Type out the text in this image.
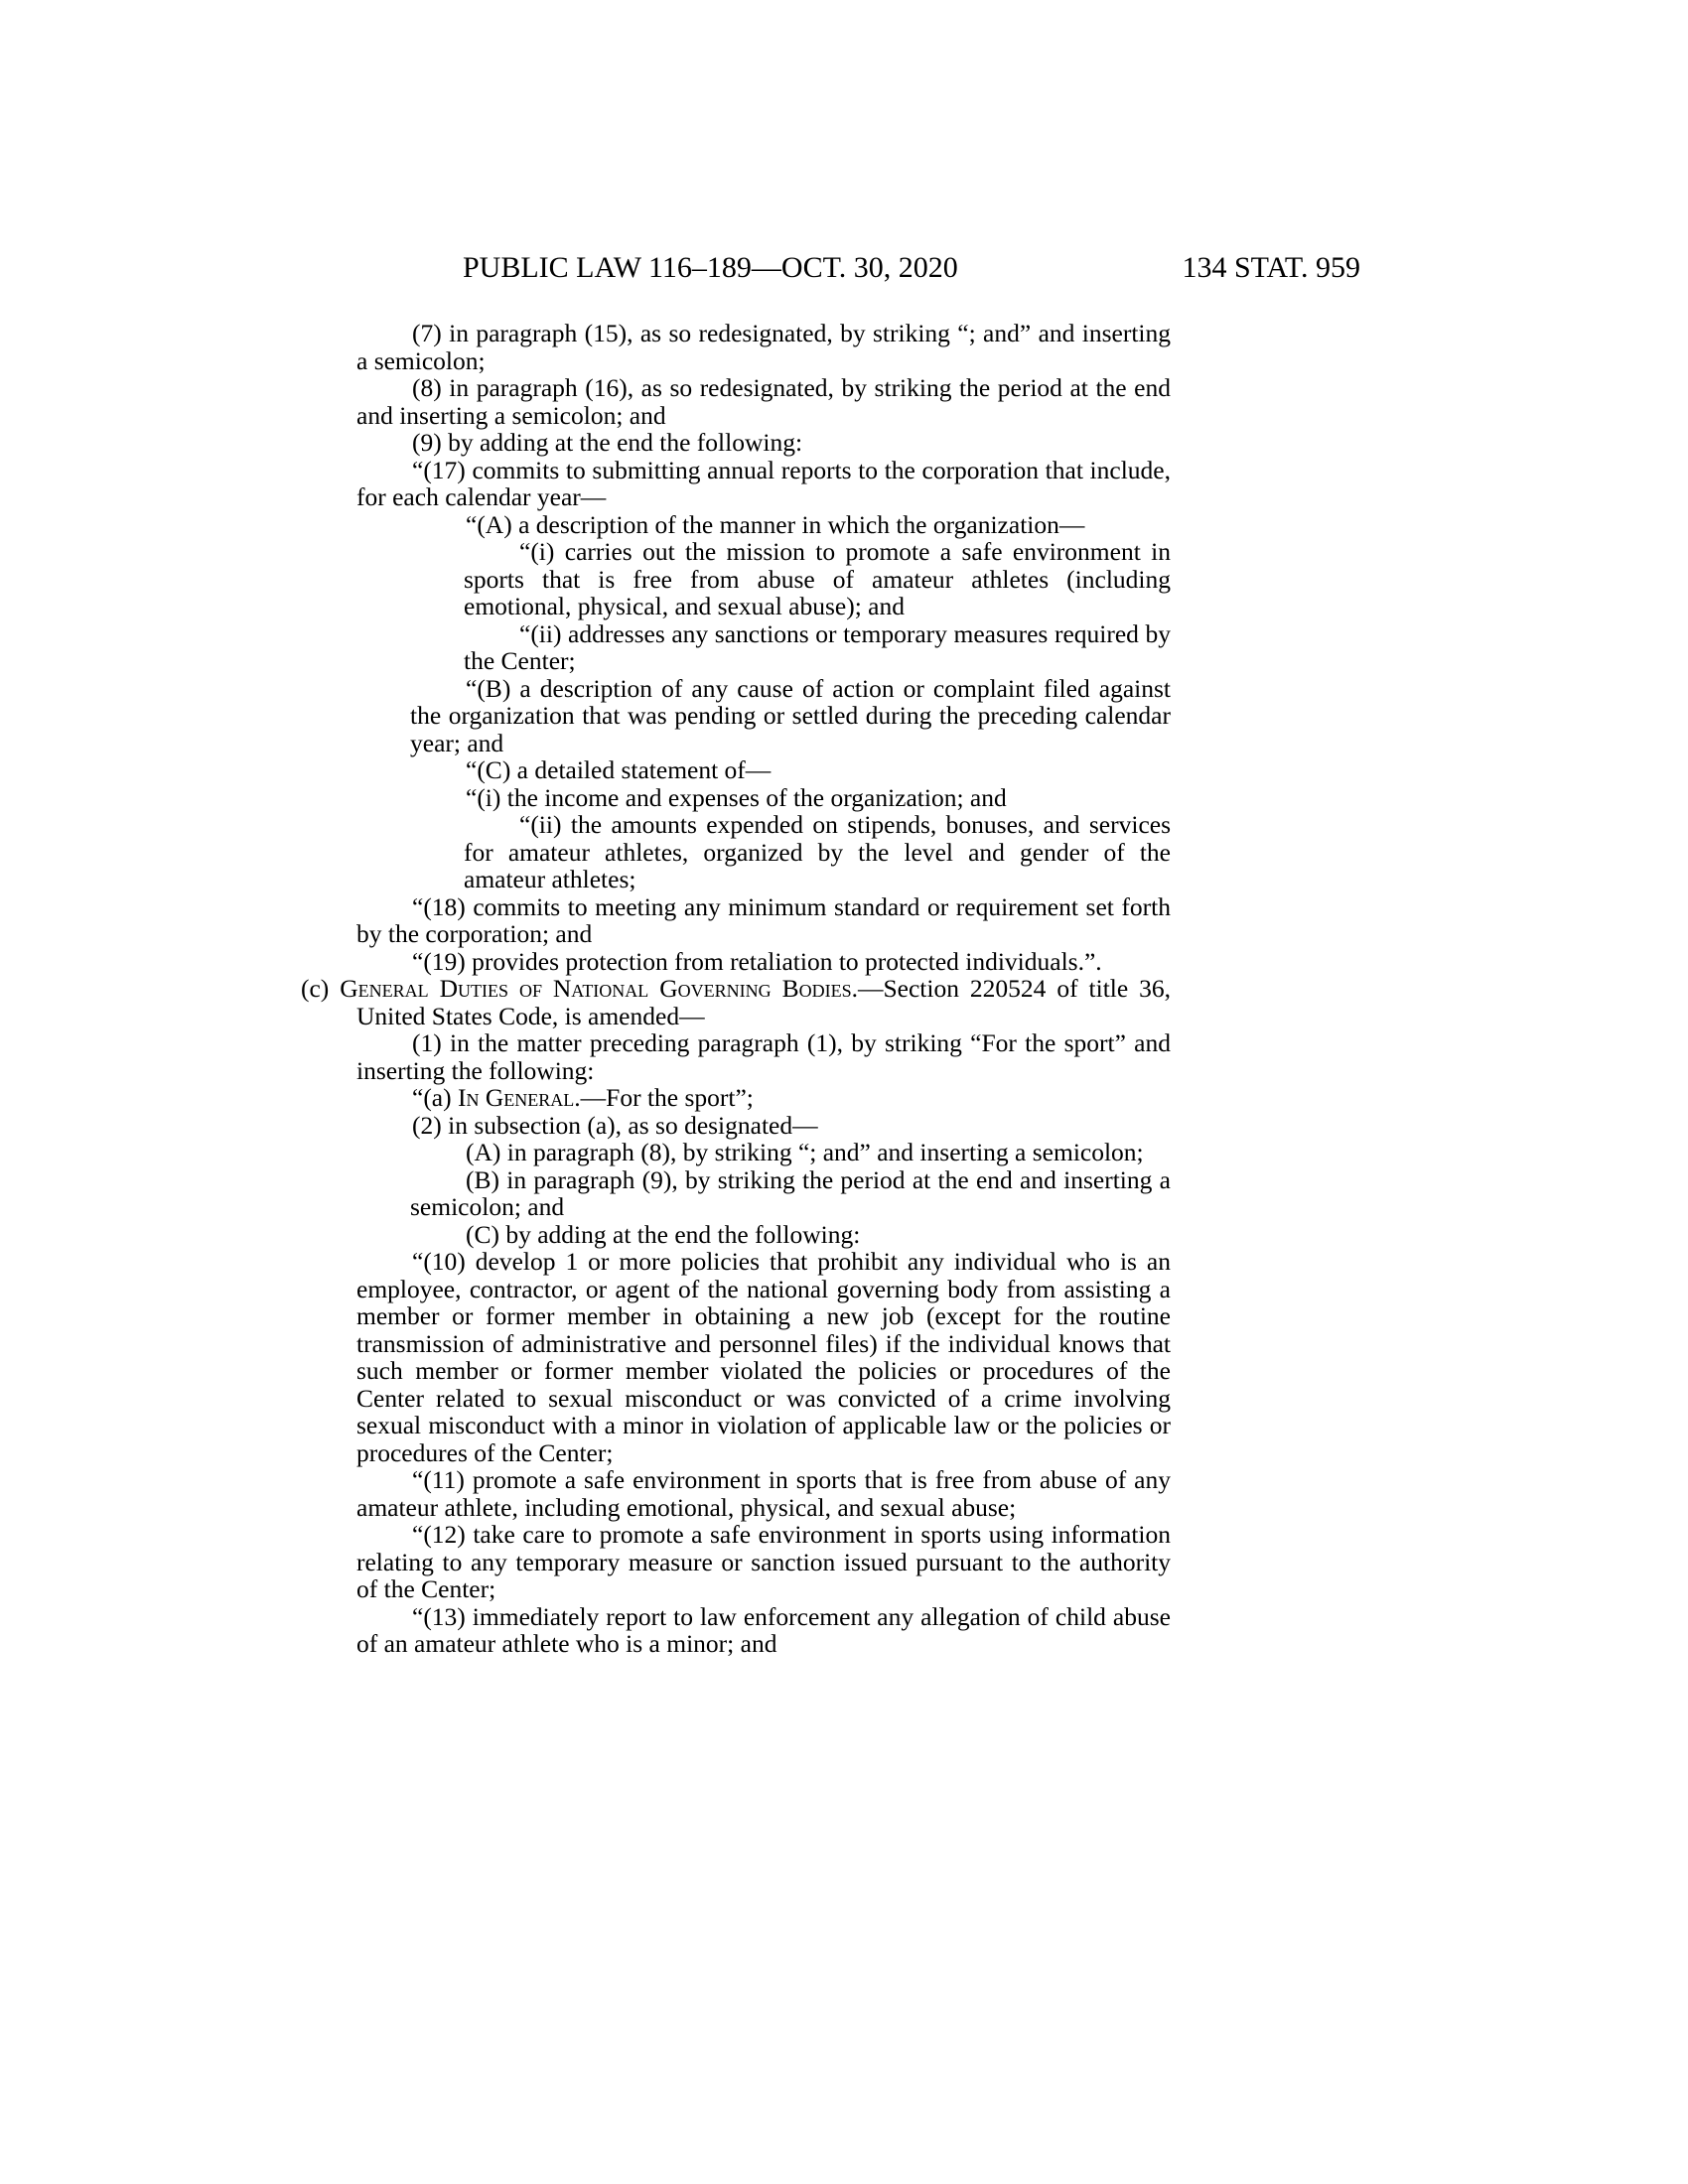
PUBLIC LAW 116–189—OCT. 30, 2020	134 STAT. 959
(7) in paragraph (15), as so redesignated, by striking “; and” and inserting a semicolon;
(8) in paragraph (16), as so redesignated, by striking the period at the end and inserting a semicolon; and
(9) by adding at the end the following:
“(17) commits to submitting annual reports to the corporation that include, for each calendar year—
“(A) a description of the manner in which the organization—
“(i) carries out the mission to promote a safe environment in sports that is free from abuse of amateur athletes (including emotional, physical, and sexual abuse); and
“(ii) addresses any sanctions or temporary measures required by the Center;
“(B) a description of any cause of action or complaint filed against the organization that was pending or settled during the preceding calendar year; and
“(C) a detailed statement of—
“(i) the income and expenses of the organization; and
“(ii) the amounts expended on stipends, bonuses, and services for amateur athletes, organized by the level and gender of the amateur athletes;
“(18) commits to meeting any minimum standard or requirement set forth by the corporation; and
“(19) provides protection from retaliation to protected individuals.”.
(c) General Duties of National Governing Bodies.—Section 220524 of title 36, United States Code, is amended—
(1) in the matter preceding paragraph (1), by striking “For the sport” and inserting the following:
“(a) In General.—For the sport”;
(2) in subsection (a), as so designated—
(A) in paragraph (8), by striking “; and” and inserting a semicolon;
(B) in paragraph (9), by striking the period at the end and inserting a semicolon; and
(C) by adding at the end the following:
“(10) develop 1 or more policies that prohibit any individual who is an employee, contractor, or agent of the national governing body from assisting a member or former member in obtaining a new job (except for the routine transmission of administrative and personnel files) if the individual knows that such member or former member violated the policies or procedures of the Center related to sexual misconduct or was convicted of a crime involving sexual misconduct with a minor in violation of applicable law or the policies or procedures of the Center;
“(11) promote a safe environment in sports that is free from abuse of any amateur athlete, including emotional, physical, and sexual abuse;
“(12) take care to promote a safe environment in sports using information relating to any temporary measure or sanction issued pursuant to the authority of the Center;
“(13) immediately report to law enforcement any allegation of child abuse of an amateur athlete who is a minor; and
